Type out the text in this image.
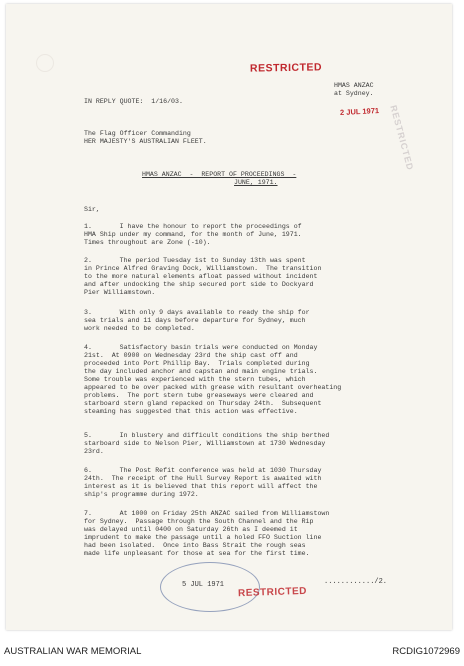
RESTRICTED
HMAS ANZAC
at Sydney.
2 JUL 1971 RESTRICTED
IN REPLY QUOTE:  1/16/03.
The Flag Officer Commanding
HER MAJESTY'S AUSTRALIAN FLEET.
HMAS ANZAC  -  REPORT OF PROCEEDINGS  -
JUNE, 1971.
Sir,
1.       I have the honour to report the proceedings of
HMA Ship under my command, for the month of June, 1971.
Times throughout are Zone (-10).
2.       The period Tuesday 1st to Sunday 13th was spent
in Prince Alfred Graving Dock, Williamstown.  The transition
to the more natural elements afloat passed without incident
and after undocking the ship secured port side to Dockyard
Pier Williamstown.
3.       With only 9 days available to ready the ship for
sea trials and 11 days before departure for Sydney, much
work needed to be completed.
4.       Satisfactory basin trials were conducted on Monday
21st.  At 0900 on Wednesday 23rd the ship cast off and
proceeded into Port Phillip Bay.  Trials completed during
the day included anchor and capstan and main engine trials.
Some trouble was experienced with the stern tubes, which
appeared to be over packed with grease with resultant overheating
problems.  The port stern tube greaseways were cleared and
starboard stern gland repacked on Thursday 24th.  Subsequent
steaming has suggested that this action was effective.
5.       In blustery and difficult conditions the ship berthed
starboard side to Nelson Pier, Williamstown at 1730 Wednesday
23rd.
6.       The Post Refit conference was held at 1030 Thursday
24th.  The receipt of the Hull Survey Report is awaited with
interest as it is believed that this report will affect the
ship's programme during 1972.
7.       At 1000 on Friday 25th ANZAC sailed from Williamstown
for Sydney.  Passage through the South Channel and the Rip
was delayed until 0400 on Saturday 26th as I deemed it
imprudent to make the passage until a holed FFO Suction line
had been isolated.  Once into Bass Strait the rough seas
made life unpleasant for those at sea for the first time.
5 JUL 1971
RESTRICTED
............/2.
AUSTRALIAN WAR MEMORIAL	RCDIG1072969
